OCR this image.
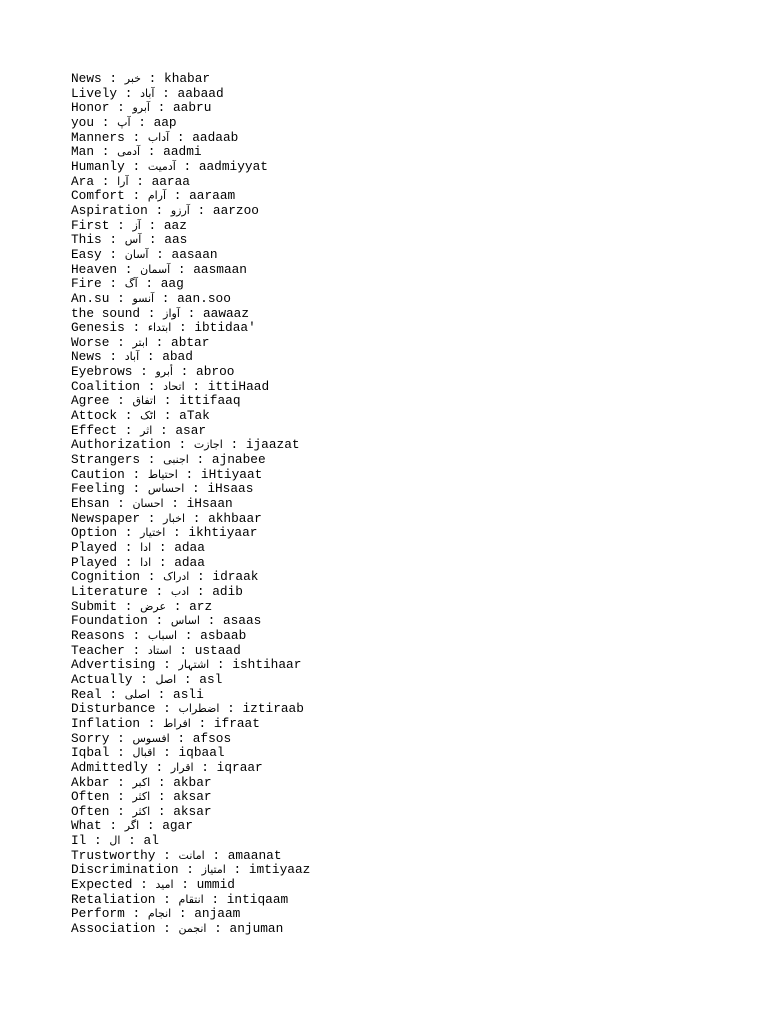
News : خبر : khabar
Lively : آباد : aabaad
Honor : آبرو : aabru
you : آپ : aap
Manners : آداب : aadaab
Man : آدمی : aadmi
Humanly : آدمیت : aadmiyyat
Ara : آرا : aaraa
Comfort : آرام : aaraam
Aspiration : آرزو : aarzoo
First : آز : aaz
This : آس : aas
Easy : آسان : aasaan
Heaven : آسمان : aasmaan
Fire : آگ : aag
An.su : آنسو : aan.soo
the sound : آواز : aawaaz
Genesis : ابتداء : ibtidaa'
Worse : ابتر : abtar
News : آباد : abad
Eyebrows : أبرو : abroo
Coalition : اتحاد : ittiHaad
Agree : اتفاق : ittifaaq
Attock : اٹک : aTak
Effect : اثر : asar
Authorization : اجازت : ijaazat
Strangers : اجنبی : ajnabee
Caution : احتیاط : iHtiyaat
Feeling : احساس : iHsaas
Ehsan : احسان : iHsaan
Newspaper : اخبار : akhbaar
Option : اختیار : ikhtiyaar
Played : ادا : adaa
Played : ادا : adaa
Cognition : ادراک : idraak
Literature : ادب : adib
Submit : عرض : arz
Foundation : اساس : asaas
Reasons : اسباب : asbaab
Teacher : استاد : ustaad
Advertising : اشتہار : ishtihaar
Actually : اصل : asl
Real : اصلی : asli
Disturbance : اضطراب : iztiraab
Inflation : افراط : ifraat
Sorry : افسوس : afsos
Iqbal : اقبال : iqbaal
Admittedly : اقرار : iqraar
Akbar : اکبر : akbar
Often : اکثر : aksar
Often : اکثر : aksar
What : اگر : agar
Il : ال : al
Trustworthy : امانت : amaanat
Discrimination : امتیاز : imtiyaaz
Expected : امید : ummid
Retaliation : انتقام : intiqaam
Perform : انجام : anjaam
Association : انجمن : anjuman
